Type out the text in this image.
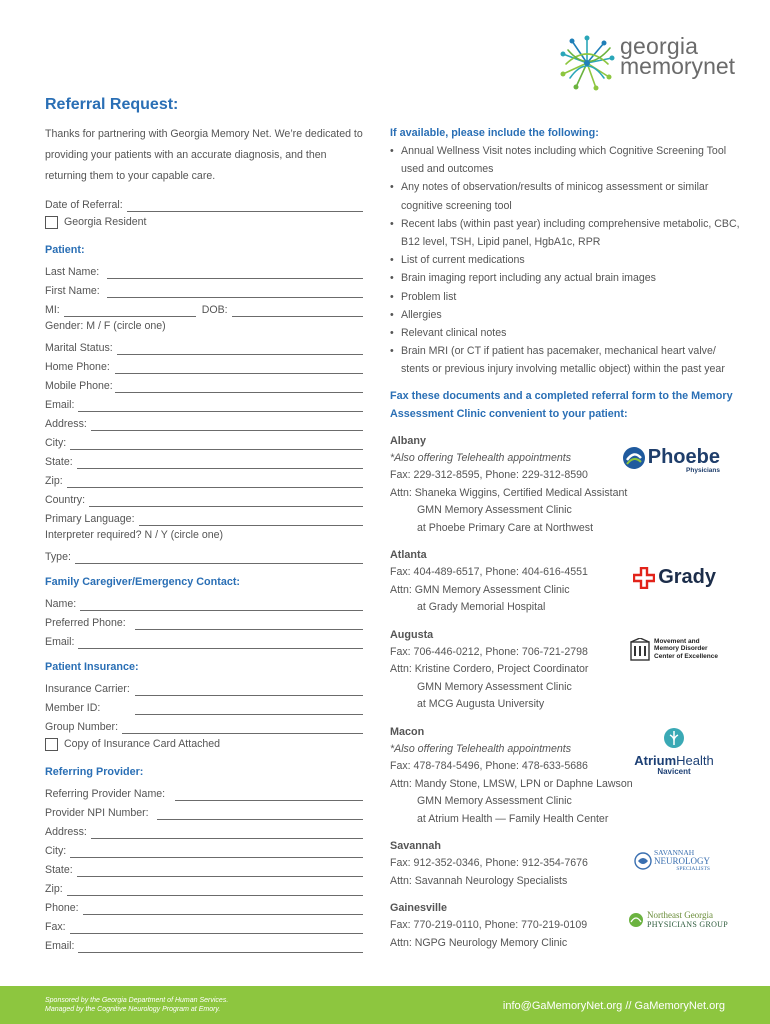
georgia
memorynet
Referral Request:
Thanks for partnering with Georgia Memory Net. We’re dedicated to providing your patients with an accurate diagnosis, and then returning them to your capable care.
Date of Referral:
Georgia Resident
Patient:
Last Name:
First Name:
MI:	DOB:
Gender: M / F (circle one)
Marital Status:
Home Phone:
Mobile Phone:
Email:
Address:
City:
State:
Zip:
Country:
Primary Language:
Interpreter required? N / Y (circle one)
Type:
Family Caregiver/Emergency Contact:
Name:
Preferred Phone:
Email:
Patient Insurance:
Insurance Carrier:
Member ID:
Group Number:
Copy of Insurance Card Attached
Referring Provider:
Referring Provider Name:
Provider NPI Number:
Address:
City:
State:
Zip:
Phone:
Fax:
Email:
If available, please include the following:
• Annual Wellness Visit notes including which Cognitive Screening Tool used and outcomes
• Any notes of observation/results of minicog assessment or similar cognitive screening tool
• Recent labs (within past year) including comprehensive metabolic, CBC, B12 level, TSH, Lipid panel, HgbA1c, RPR
• List of current medications
• Brain imaging report including any actual brain images
• Problem list
• Allergies
• Relevant clinical notes
• Brain MRI (or CT if patient has pacemaker, mechanical heart valve/ stents or previous injury involving metallic object) within the past year
Fax these documents and a completed referral form to the Memory Assessment Clinic convenient to your patient:
Albany
*Also offering Telehealth appointments
Fax: 229-312-8595, Phone: 229-312-8590
Attn: Shaneka Wiggins, Certified Medical Assistant
GMN Memory Assessment Clinic
at Phoebe Primary Care at Northwest
Phoebe
Physicians
Atlanta
Fax: 404-489-6517, Phone: 404-616-4551
Attn: GMN Memory Assessment Clinic
at Grady Memorial Hospital
Grady
Augusta
Fax: 706-446-0212, Phone: 706-721-2798
Attn: Kristine Cordero, Project Coordinator
GMN Memory Assessment Clinic
at MCG Augusta University
Movement and
Memory Disorder
Center of Excellence
Macon
*Also offering Telehealth appointments
Fax: 478-784-5496, Phone: 478-633-5686
Attn: Mandy Stone, LMSW, LPN or Daphne Lawson
GMN Memory Assessment Clinic
at Atrium Health — Family Health Center
AtriumHealth
Navicent
Savannah
Fax: 912-352-0346, Phone: 912-354-7676
Attn: Savannah Neurology Specialists
SAVANNAH
NEUROLOGY
SPECIALISTS
Gainesville
Fax: 770-219-0110, Phone: 770-219-0109
Attn: NGPG Neurology Memory Clinic
Northeast Georgia
PHYSICIANS GROUP
Sponsored by the Georgia Department of Human Services.
Managed by the Cognitive Neurology Program at Emory.	info@GaMemoryNet.org // GaMemoryNet.org
